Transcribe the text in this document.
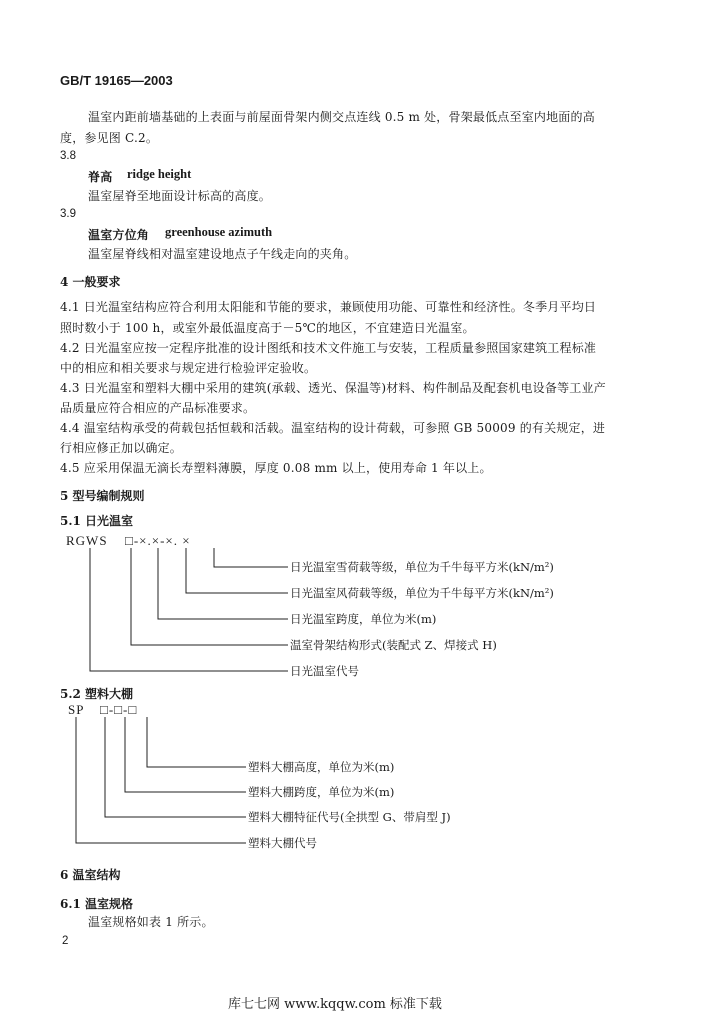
GB/T 19165—2003
温室内距前墙基础的上表面与前屋面骨架内侧交点连线 0.5 m 处，骨架最低点至室内地面的高
度，参见图 C.2。
3.8
脊高 ridge height
温室屋脊至地面设计标高的高度。
3.9
温室方位角 greenhouse azimuth
温室屋脊线相对温室建设地点子午线走向的夹角。
4 一般要求
4.1 日光温室结构应符合利用太阳能和节能的要求，兼顾使用功能、可靠性和经济性。冬季月平均日
照时数小于 100 h，或室外最低温度高于－5℃的地区，不宜建造日光温室。
4.2 日光温室应按一定程序批准的设计图纸和技术文件施工与安装，工程质量参照国家建筑工程标准
中的相应和相关要求与规定进行检验评定验收。
4.3 日光温室和塑料大棚中采用的建筑(承载、透光、保温等)材料、构件制品及配套机电设备等工业产
品质量应符合相应的产品标准要求。
4.4 温室结构承受的荷载包括恒载和活载。温室结构的设计荷载，可参照 GB 50009 的有关规定，进
行相应修正加以确定。
4.5 应采用保温无滴长寿塑料薄膜，厚度 0.08 mm 以上，使用寿命 1 年以上。
5 型号编制规则
5.1 日光温室
RGWS □-×.×-×. ×
日光温室雪荷载等级，单位为千牛每平方米(kN/m²)
日光温室风荷载等级，单位为千牛每平方米(kN/m²)
日光温室跨度，单位为米(m)
温室骨架结构形式(装配式 Z、焊接式 H)
日光温室代号
5.2 塑料大棚
SP □-□-□
塑料大棚高度，单位为米(m)
塑料大棚跨度，单位为米(m)
塑料大棚特征代号(全拱型 G、带肩型 J)
塑料大棚代号
6 温室结构
6.1 温室规格
温室规格如表 1 所示。
2
库七七网 www.kqqw.com 标准下载
